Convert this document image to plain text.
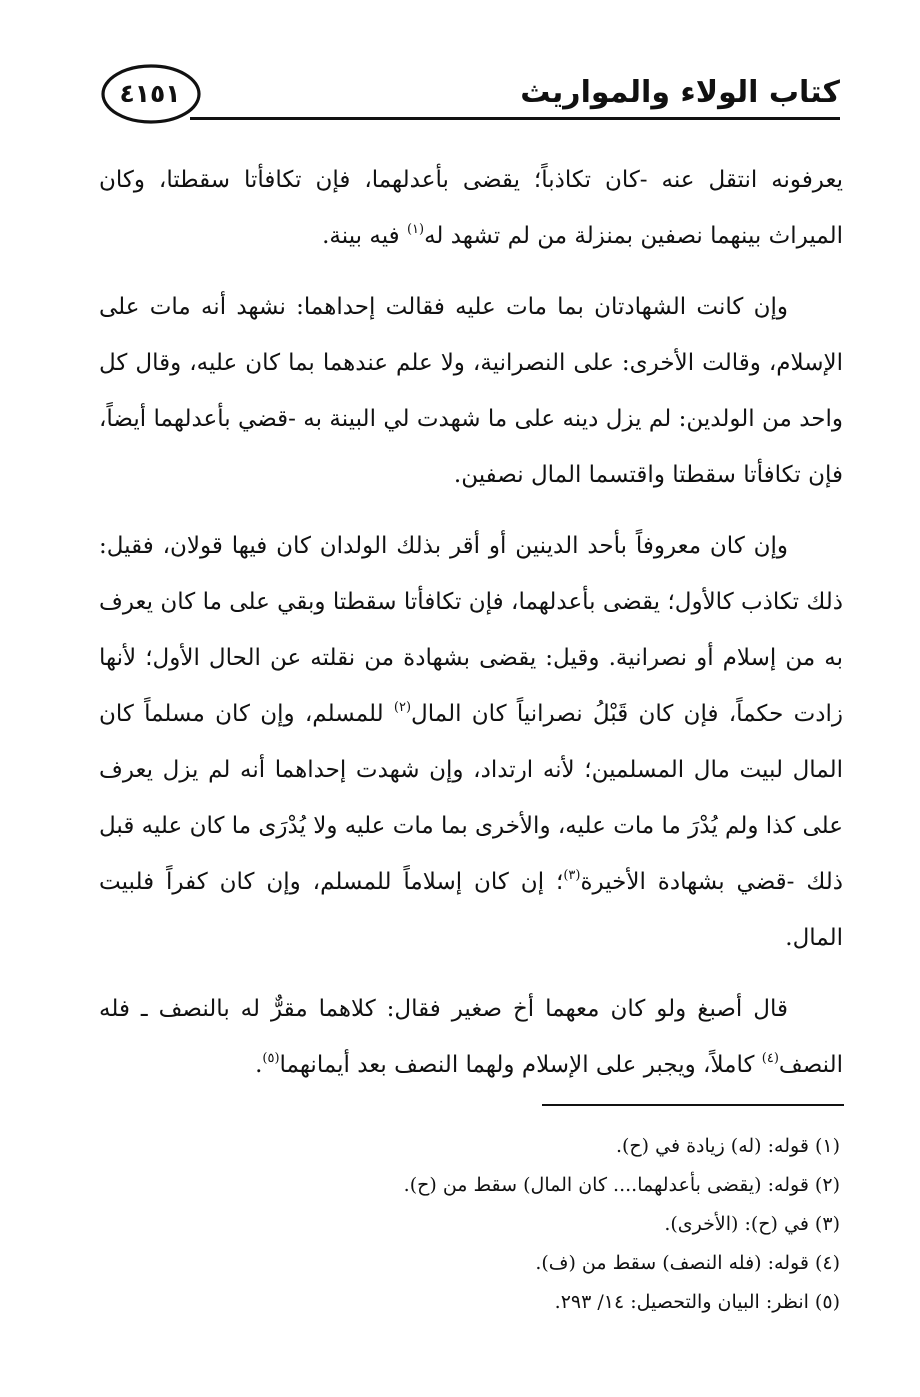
كتاب الولاء والمواريث
٤١٥١

يعرفونه انتقل عنه -كان تكاذباً؛ يقضى بأعدلهما، فإن تكافأتا سقطتا، وكان الميراث بينهما نصفين بمنزلة من لم تشهد له$^{(١)}$ فيه بينة.

وإن كانت الشهادتان بما مات عليه فقالت إحداهما: نشهد أنه مات على الإسلام، وقالت الأخرى: على النصرانية، ولا علم عندهما بما كان عليه، وقال كل واحد من الولدين: لم يزل دينه على ما شهدت لي البينة به -قضي بأعدلهما أيضاً، فإن تكافأتا سقطتا واقتسما المال نصفين.

وإن كان معروفاً بأحد الدينين أو أقر بذلك الولدان كان فيها قولان، فقيل: ذلك تكاذب كالأول؛ يقضى بأعدلهما، فإن تكافأتا سقطتا وبقي على ما كان يعرف به من إسلام أو نصرانية. وقيل: يقضى بشهادة من نقلته عن الحال الأول؛ لأنها زادت حكماً، فإن كان قَبْلُ نصرانياً كان المال$^{(٢)}$ للمسلم، وإن كان مسلماً كان المال لبيت مال المسلمين؛ لأنه ارتداد، وإن شهدت إحداهما أنه لم يزل يعرف على كذا ولم يُدْرَ ما مات عليه، والأخرى بما مات عليه ولا يُدْرَى ما كان عليه قبل ذلك -قضي بشهادة الأخيرة$^{(٣)}$؛ إن كان إسلاماً للمسلم، وإن كان كفراً فلبيت المال.

قال أصبغ ولو كان معهما أخ صغير فقال: كلاهما مقرٌّ له بالنصف ـ فله النصف$^{(٤)}$ كاملاً، ويجبر على الإسلام ولهما النصف بعد أيمانهما$^{(٥)}$.

(١) قوله: (له) زيادة في (ح).
(٢) قوله: (يقضى بأعدلهما.... كان المال) سقط من (ح).
(٣) في (ح): (الأخرى).
(٤) قوله: (فله النصف) سقط من (ف).
(٥) انظر: البيان والتحصيل: ١٤/ ٢٩٣.
